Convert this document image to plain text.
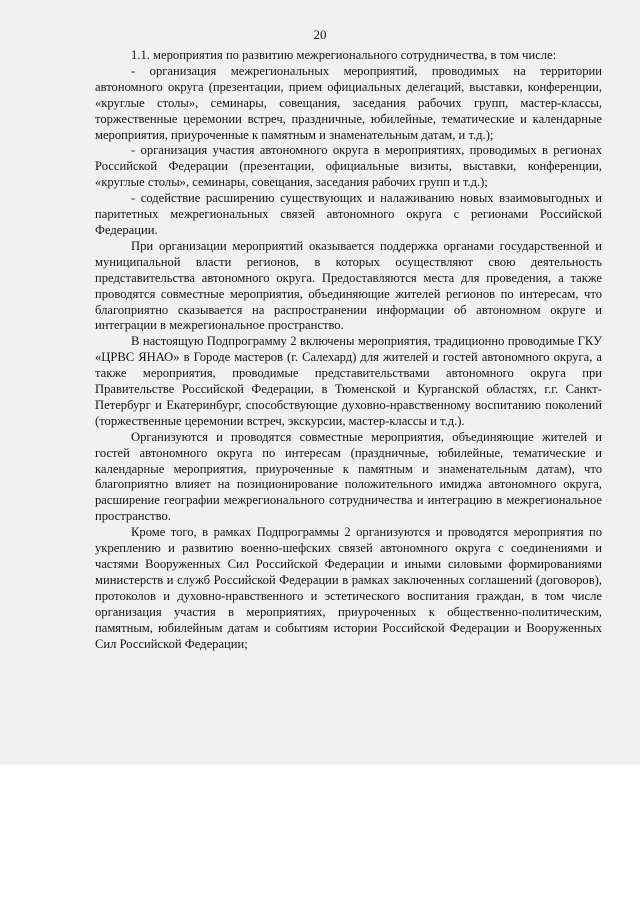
20

1.1. мероприятия по развитию межрегионального сотрудничества, в том числе:

- организация межрегиональных мероприятий, проводимых на территории автономного округа (презентации, прием официальных делегаций, выставки, конференции, «круглые столы», семинары, совещания, заседания рабочих групп, мастер-классы, торжественные церемонии встреч, праздничные, юбилейные, тематические и календарные мероприятия, приуроченные к памятным и знаменательным датам, и т.д.);

- организация участия автономного округа в мероприятиях, проводимых в регионах Российской Федерации (презентации, официальные визиты, выставки, конференции, «круглые столы», семинары, совещания, заседания рабочих групп и т.д.);

- содействие расширению существующих и налаживанию новых взаимовыгодных и паритетных межрегиональных связей автономного округа с регионами Российской Федерации.

При организации мероприятий оказывается поддержка органами государственной и муниципальной власти регионов, в которых осуществляют свою деятельность представительства автономного округа. Предоставляются места для проведения, а также проводятся совместные мероприятия, объединяющие жителей регионов по интересам, что благоприятно сказывается на распространении информации об автономном округе и интеграции в межрегиональное пространство.

В настоящую Подпрограмму 2 включены мероприятия, традиционно проводимые ГКУ «ЦРВС ЯНАО» в Городе мастеров (г. Салехард) для жителей и гостей автономного округа, а также мероприятия, проводимые представительствами автономного округа при Правительстве Российской Федерации, в Тюменской и Курганской областях, г.г. Санкт-Петербург и Екатеринбург, способствующие духовно-нравственному воспитанию поколений (торжественные церемонии встреч, экскурсии, мастер-классы и т.д.).

Организуются и проводятся совместные мероприятия, объединяющие жителей и гостей автономного округа по интересам (праздничные, юбилейные, тематические и календарные мероприятия, приуроченные к памятным и знаменательным датам), что благоприятно влияет на позиционирование положительного имиджа автономного округа, расширение географии межрегионального сотрудничества и интеграцию в межрегиональное пространство.

Кроме того, в рамках Подпрограммы 2 организуются и проводятся мероприятия по укреплению и развитию военно-шефских связей автономного округа с соединениями и частями Вооруженных Сил Российской Федерации и иными силовыми формированиями министерств и служб Российской Федерации в рамках заключенных соглашений (договоров), протоколов и духовно-нравственного и эстетического воспитания граждан, в том числе организация участия в мероприятиях, приуроченных к общественно-политическим, памятным, юбилейным датам и событиям истории Российской Федерации и Вооруженных Сил Российской Федерации;
